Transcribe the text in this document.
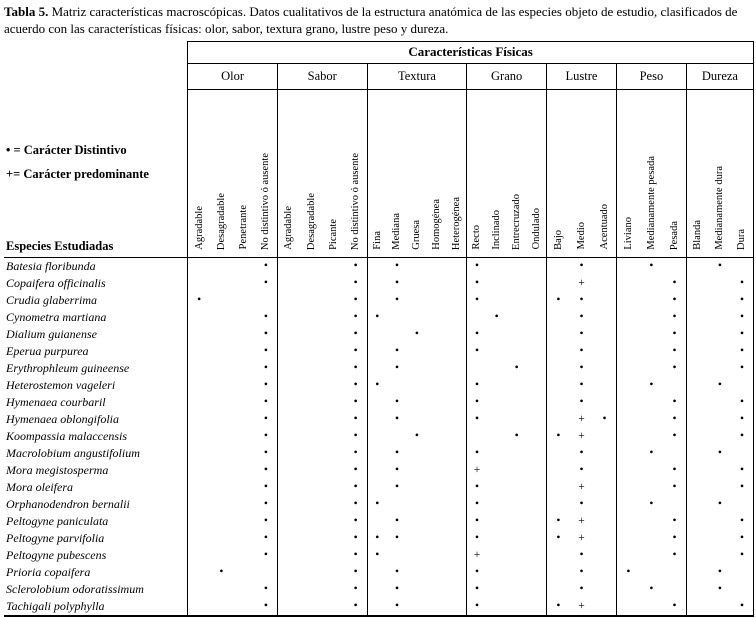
Tabla 5. Matriz características macroscópicas. Datos cualitativos de la estructura anatómica de las especies objeto de estudio, clasificados de acuerdo con las características físicas: olor, sabor, textura grano, lustre peso y dureza.

• = Carácter Distintivo
+= Carácter predominante
Especies Estudiadas	Características Físicas																									
	Olor				Sabor				Textura					Grano				Lustre			Peso			Dureza		
	Agradable	Desagradable	Penetrante	No distintivo ó ausente	Agradable	Desagradable	Picante	No distintivo ó ausente	Fina	Mediana	Gruesa	Homogénea	Heterogénea	Recto	Inclinado	Entrecruzado	Ondulado	Bajo	Medio	Acentuado	Liviano	Medianamente pesada	Pesada	Blanda	Medianamente dura	Dura
Batesia floribunda				•				•		•				•					•			•			•	
Copaifera officinalis				•				•		•				•					+				•			•
Crudia glaberrima	•							•		•				•				•	•				•			•
Cynometra martiana				•				•	•						•				•				•			•
Dialium guianense				•				•			•			•					•				•			•
Eperua purpurea				•				•		•				•					•				•			•
Erythrophleum guineense				•				•		•						•			•				•			•
Heterostemon vageleri				•				•	•					•					•			•			•	
Hymenaea courbaril				•				•		•				•					•				•			•
Hymenaea oblongifolia				•				•		•				•					+	•			•			•
Koompassia malaccensis				•				•			•					•		•	+				•			•
Macrolobium angustifolium				•				•		•				•					•			•			•	
Mora megistosperma				•				•		•				+					•				•			•
Mora oleifera				•				•		•				•					+				•			•
Orphanodendron bernalii				•				•	•					•					•			•			•	
Peltogyne paniculata				•				•		•				•				•	+				•			•
Peltogyne parvifolia				•				•	•	•				•				•	+				•			•
Peltogyne pubescens				•				•	•					+					•				•			•
Prioria copaifera		•						•		•				•					•		•				•	
Sclerolobium odoratissimum				•				•		•				•					•			•			•	
Tachigali polyphylla				•				•		•				•				•	+				•			•
